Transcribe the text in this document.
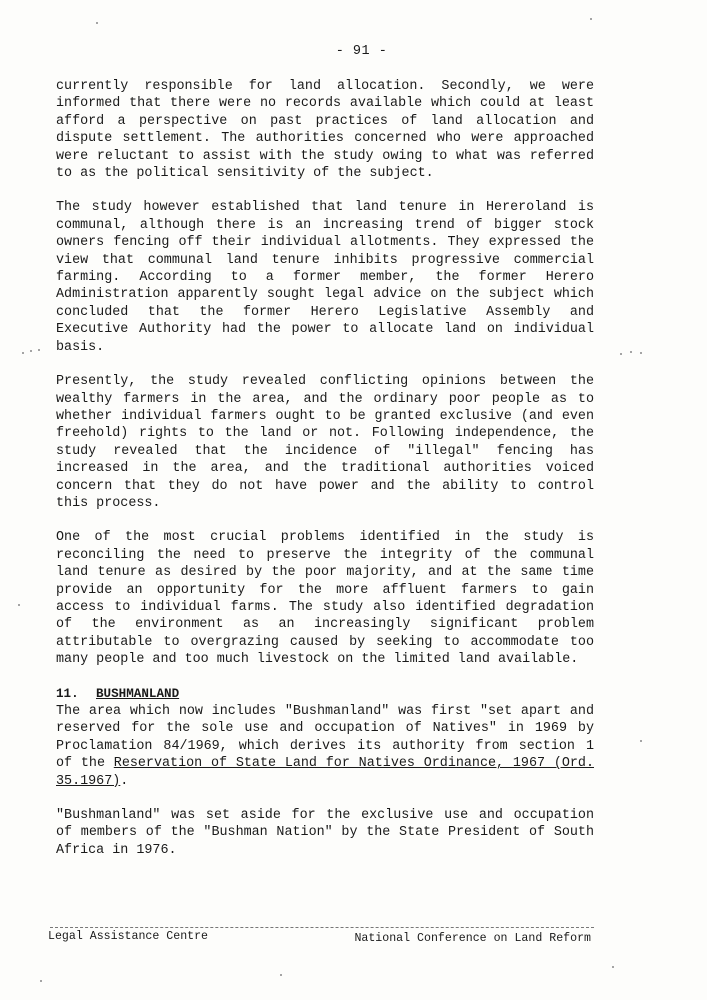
- 91 -

currently responsible for land allocation. Secondly, we were informed that there were no records available which could at least afford a perspective on past practices of land allocation and dispute settlement. The authorities concerned who were approached were reluctant to assist with the study owing to what was referred to as the political sensitivity of the subject.

The study however established that land tenure in Hereroland is communal, although there is an increasing trend of bigger stock owners fencing off their individual allotments. They expressed the view that communal land tenure inhibits progressive commercial farming. According to a former member, the former Herero Administration apparently sought legal advice on the subject which concluded that the former Herero Legislative Assembly and Executive Authority had the power to allocate land on individual basis.

Presently, the study revealed conflicting opinions between the wealthy farmers in the area, and the ordinary poor people as to whether individual farmers ought to be granted exclusive (and even freehold) rights to the land or not. Following independence, the study revealed that the incidence of "illegal" fencing has increased in the area, and the traditional authorities voiced concern that they do not have power and the ability to control this process.

One of the most crucial problems identified in the study is reconciling the need to preserve the integrity of the communal land tenure as desired by the poor majority, and at the same time provide an opportunity for the more affluent farmers to gain access to individual farms. The study also identified degradation of the environment as an increasingly significant problem attributable to overgrazing caused by seeking to accommodate too many people and too much livestock on the limited land available.

11. BUSHMANLAND

The area which now includes "Bushmanland" was first "set apart and reserved for the sole use and occupation of Natives" in 1969 by Proclamation 84/1969, which derives its authority from section 1 of the Reservation of State Land for Natives Ordinance, 1967 (Ord. 35.1967).

"Bushmanland" was set aside for the exclusive use and occupation of members of the "Bushman Nation" by the State President of South Africa in 1976.

Legal Assistance Centre	National Conference on Land Reform
